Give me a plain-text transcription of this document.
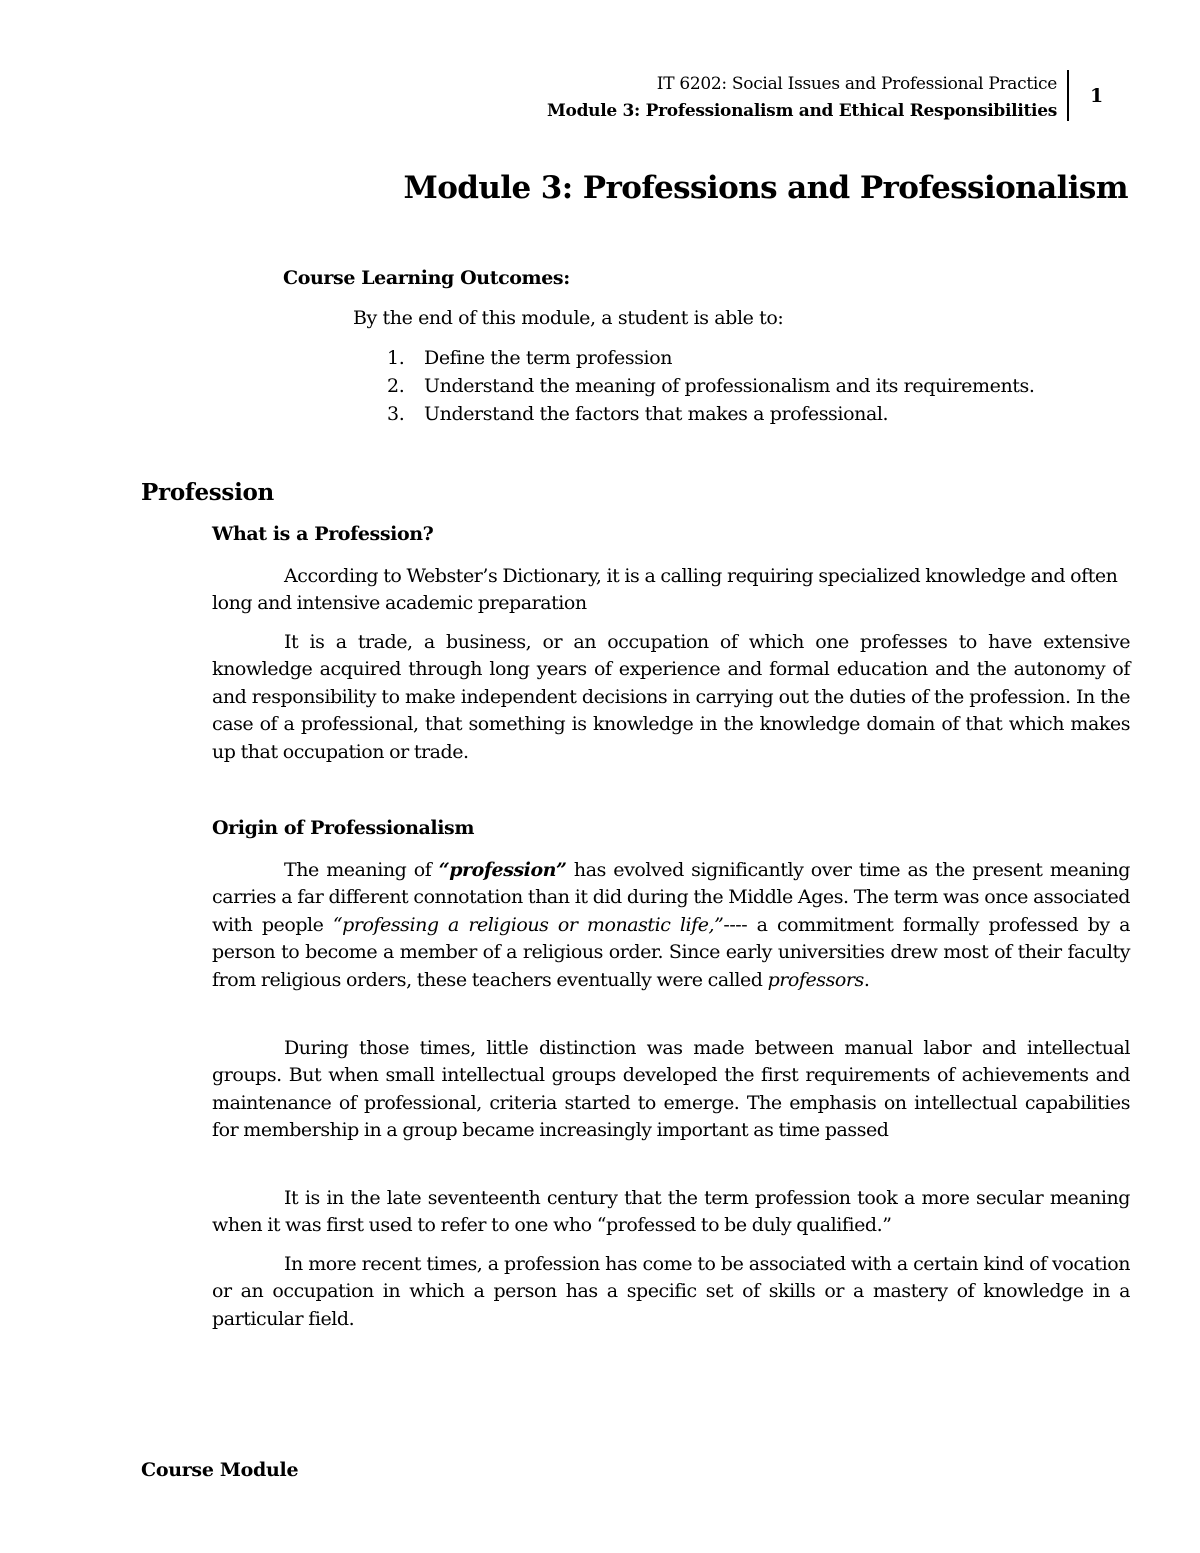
IT 6202: Social Issues and Professional Practice
Module 3: Professionalism and Ethical Responsibilities
1
Module 3: Professions and Professionalism
Course Learning Outcomes:

By the end of this module, a student is able to:

1. Define the term profession
2. Understand the meaning of professionalism and its requirements.
3. Understand the factors that makes a professional.
Profession
What is a Profession?

According to Webster’s Dictionary, it is a calling requiring specialized knowledge and often long and intensive academic preparation

It is a trade, a business, or an occupation of which one professes to have extensive knowledge acquired through long years of experience and formal education and the autonomy of and responsibility to make independent decisions in carrying out the duties of the profession. In the case of a professional, that something is knowledge in the knowledge domain of that which makes up that occupation or trade.

Origin of Professionalism

The meaning of “profession” has evolved significantly over time as the present meaning carries a far different connotation than it did during the Middle Ages. The term was once associated with people “professing a religious or monastic life,”---- a commitment formally professed by a person to become a member of a religious order. Since early universities drew most of their faculty from religious orders, these teachers eventually were called professors.

During those times, little distinction was made between manual labor and intellectual groups. But when small intellectual groups developed the first requirements of achievements and maintenance of professional, criteria started to emerge. The emphasis on intellectual capabilities for membership in a group became increasingly important as time passed

It is in the late seventeenth century that the term profession took a more secular meaning when it was first used to refer to one who “professed to be duly qualified.”

In more recent times, a profession has come to be associated with a certain kind of vocation or an occupation in which a person has a specific set of skills or a mastery of knowledge in a particular field.

Course Module
